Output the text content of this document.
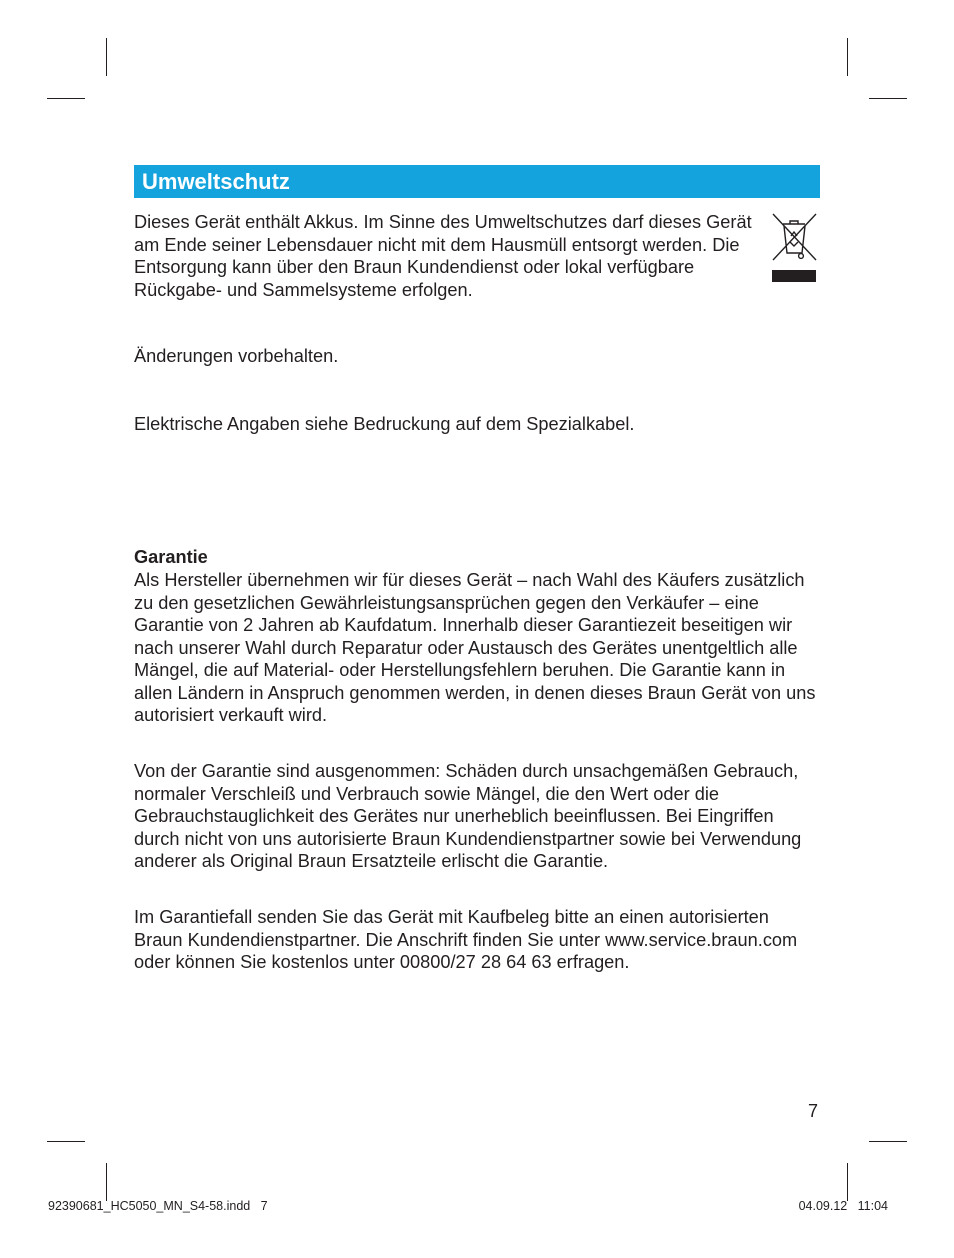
Umweltschutz

Dieses Gerät enthält Akkus. Im Sinne des Umweltschutzes darf dieses Gerät am Ende seiner Lebensdauer nicht mit dem Hausmüll entsorgt werden. Die Entsorgung kann über den Braun Kundendienst oder lokal verfügbare Rückgabe- und Sammelsysteme erfolgen.

Änderungen vorbehalten.

Elektrische Angaben siehe Bedruckung auf dem Spezialkabel.

Garantie

Als Hersteller übernehmen wir für dieses Gerät – nach Wahl des Käufers zusätzlich zu den gesetzlichen Gewährleistungsansprüchen gegen den Verkäufer – eine Garantie von 2 Jahren ab Kaufdatum. Innerhalb dieser Garantiezeit beseitigen wir nach unserer Wahl durch Reparatur oder Austausch des Gerätes unentgeltlich alle Mängel, die auf Material- oder Herstellungsfehlern beruhen. Die Garantie kann in allen Ländern in Anspruch genommen werden, in denen dieses Braun Gerät von uns autorisiert verkauft wird.

Von der Garantie sind ausgenommen: Schäden durch unsachgemäßen Gebrauch, normaler Verschleiß und Verbrauch sowie Mängel, die den Wert oder die Gebrauchstauglichkeit des Gerätes nur unerheblich beeinflussen. Bei Eingriffen durch nicht von uns autorisierte Braun Kundendienstpartner sowie bei Verwendung anderer als Original Braun Ersatzteile erlischt die Garantie.

Im Garantiefall senden Sie das Gerät mit Kaufbeleg bitte an einen autorisierten Braun Kundendienstpartner. Die Anschrift finden Sie unter www.service.braun.com oder können Sie kostenlos unter 00800/27 28 64 63 erfragen.

7
92390681_HC5050_MN_S4-58.indd   7	04.09.12   11:04
